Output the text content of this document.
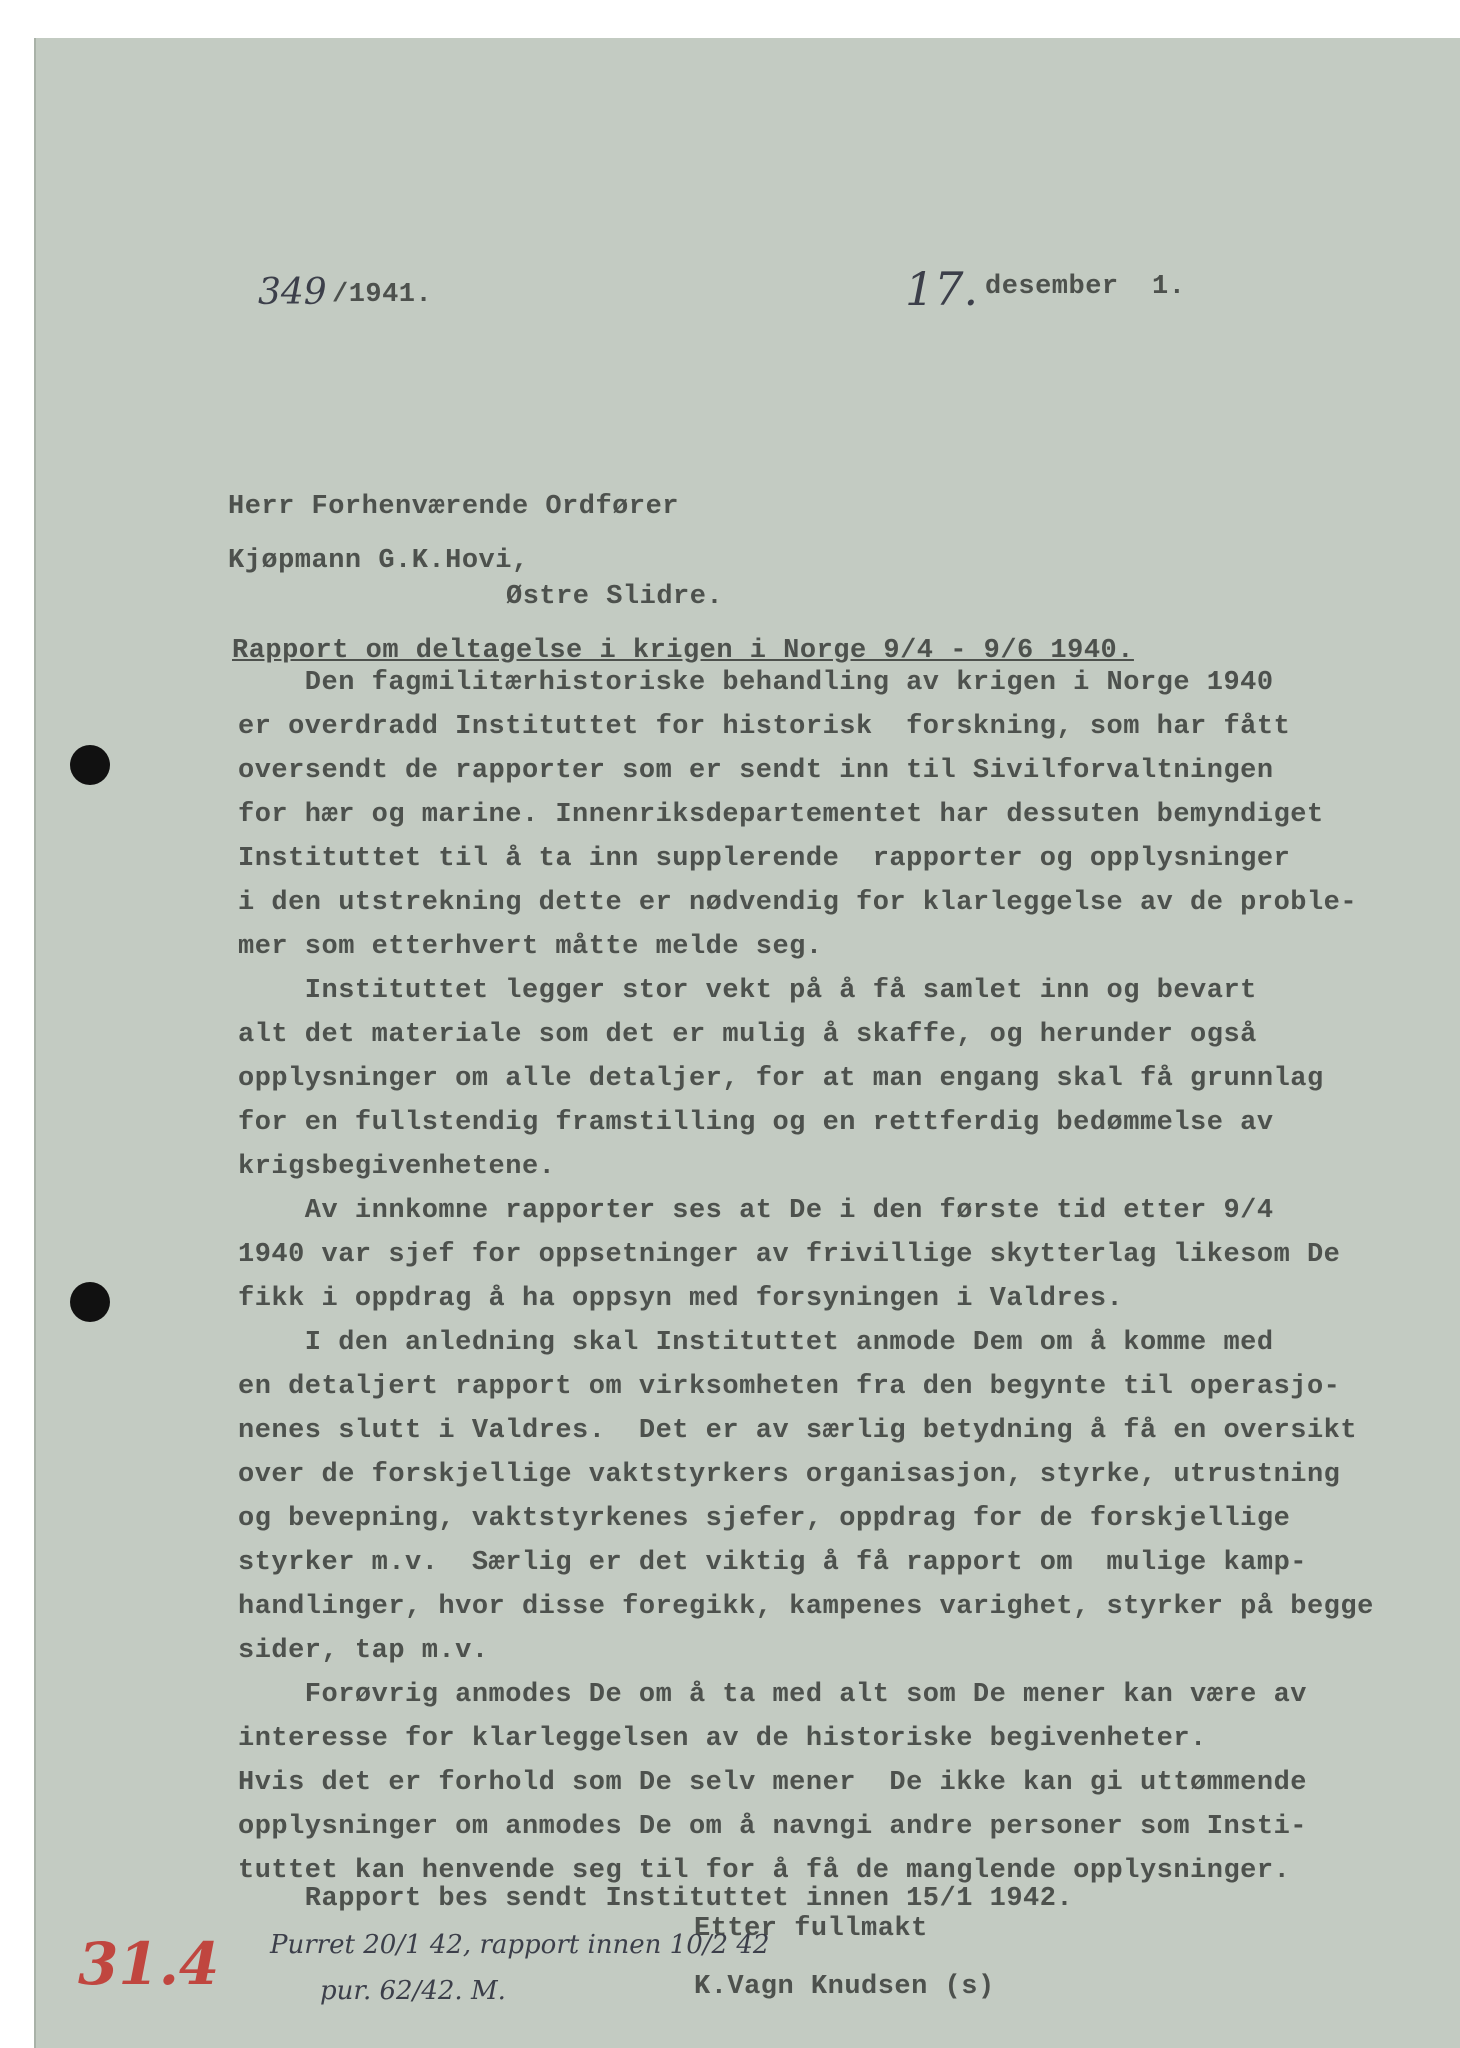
349 /1941.	17. desember  1.
Herr Forhenværende Ordfører
Kjøpmann G.K.Hovi,
Østre Slidre.
Rapport om deltagelse i krigen i Norge 9/4 - 9/6 1940.
Den fagmilitærhistoriske behandling av krigen i Norge 1940
er overdradd Instituttet for historisk  forskning, som har fått
oversendt de rapporter som er sendt inn til Sivilforvaltningen
for hær og marine. Innenriksdepartementet har dessuten bemyndiget
Instituttet til å ta inn supplerende  rapporter og opplysninger
i den utstrekning dette er nødvendig for klarleggelse av de proble-
mer som etterhvert måtte melde seg.
Instituttet legger stor vekt på å få samlet inn og bevart
alt det materiale som det er mulig å skaffe, og herunder også
opplysninger om alle detaljer, for at man engang skal få grunnlag
for en fullstendig framstilling og en rettferdig bedømmelse av
krigsbegivenhetene.
Av innkomne rapporter ses at De i den første tid etter 9/4
1940 var sjef for oppsetninger av frivillige skytterlag likesom De
fikk i oppdrag å ha oppsyn med forsyningen i Valdres.
I den anledning skal Instituttet anmode Dem om å komme med
en detaljert rapport om virksomheten fra den begynte til operasjo-
nenes slutt i Valdres.  Det er av særlig betydning å få en oversikt
over de forskjellige vaktstyrkers organisasjon, styrke, utrustning
og bevepning, vaktstyrkenes sjefer, oppdrag for de forskjellige
styrker m.v.  Særlig er det viktig å få rapport om  mulige kamp-
handlinger, hvor disse foregikk, kampenes varighet, styrker på begge
sider, tap m.v.
Forøvrig anmodes De om å ta med alt som De mener kan være av
interesse for klarleggelsen av de historiske begivenheter.
Hvis det er forhold som De selv mener  De ikke kan gi uttømmende
opplysninger om anmodes De om å navngi andre personer som Insti-
tuttet kan henvende seg til for å få de manglende opplysninger.
Rapport bes sendt Instituttet innen 15/1 1942.
Etter fullmakt
K.Vagn Knudsen (s)
31.4 Purret 20/1 42, rapport innen 10/2 42
pur. 62/42. M.
